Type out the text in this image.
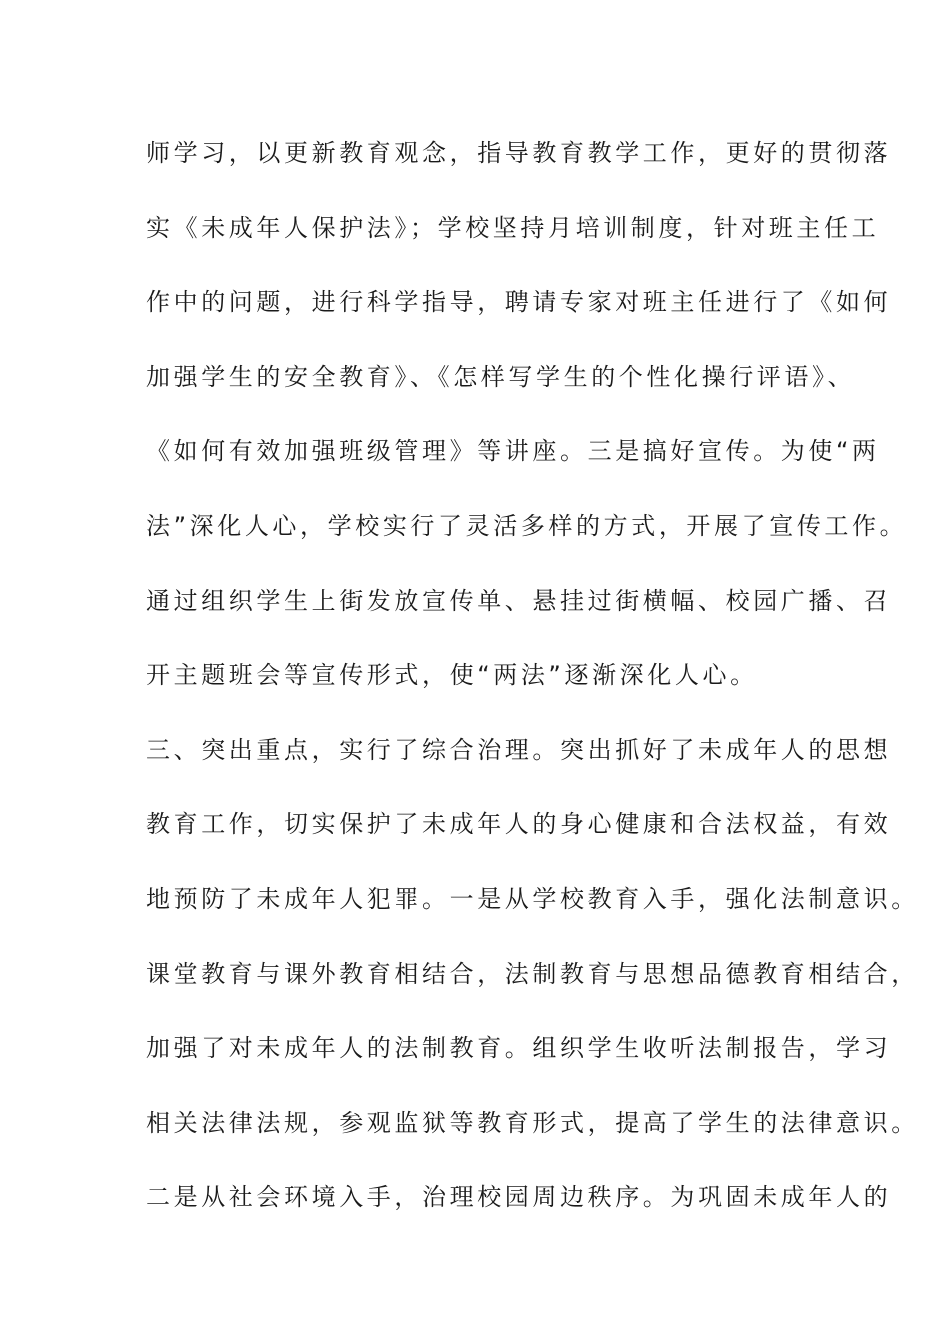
师学习，以更新教育观念，指导教育教学工作，更好的贯彻落
实《未成年人保护法》；学校坚持月培训制度，针对班主任工
作中的问题，进行科学指导，聘请专家对班主任进行了《如何
加强学生的安全教育》、《怎样写学生的个性化操行评语》、
《如何有效加强班级管理》等讲座。三是搞好宣传。为使“两
法”深化人心，学校实行了灵活多样的方式，开展了宣传工作。
通过组织学生上街发放宣传单、悬挂过街横幅、校园广播、召
开主题班会等宣传形式，使“两法”逐渐深化人心。
三、突出重点，实行了综合治理。突出抓好了未成年人的思想
教育工作，切实保护了未成年人的身心健康和合法权益，有效
地预防了未成年人犯罪。一是从学校教育入手，强化法制意识。
课堂教育与课外教育相结合，法制教育与思想品德教育相结合，
加强了对未成年人的法制教育。组织学生收听法制报告，学习
相关法律法规，参观监狱等教育形式，提高了学生的法律意识。
二是从社会环境入手，治理校园周边秩序。为巩固未成年人的
